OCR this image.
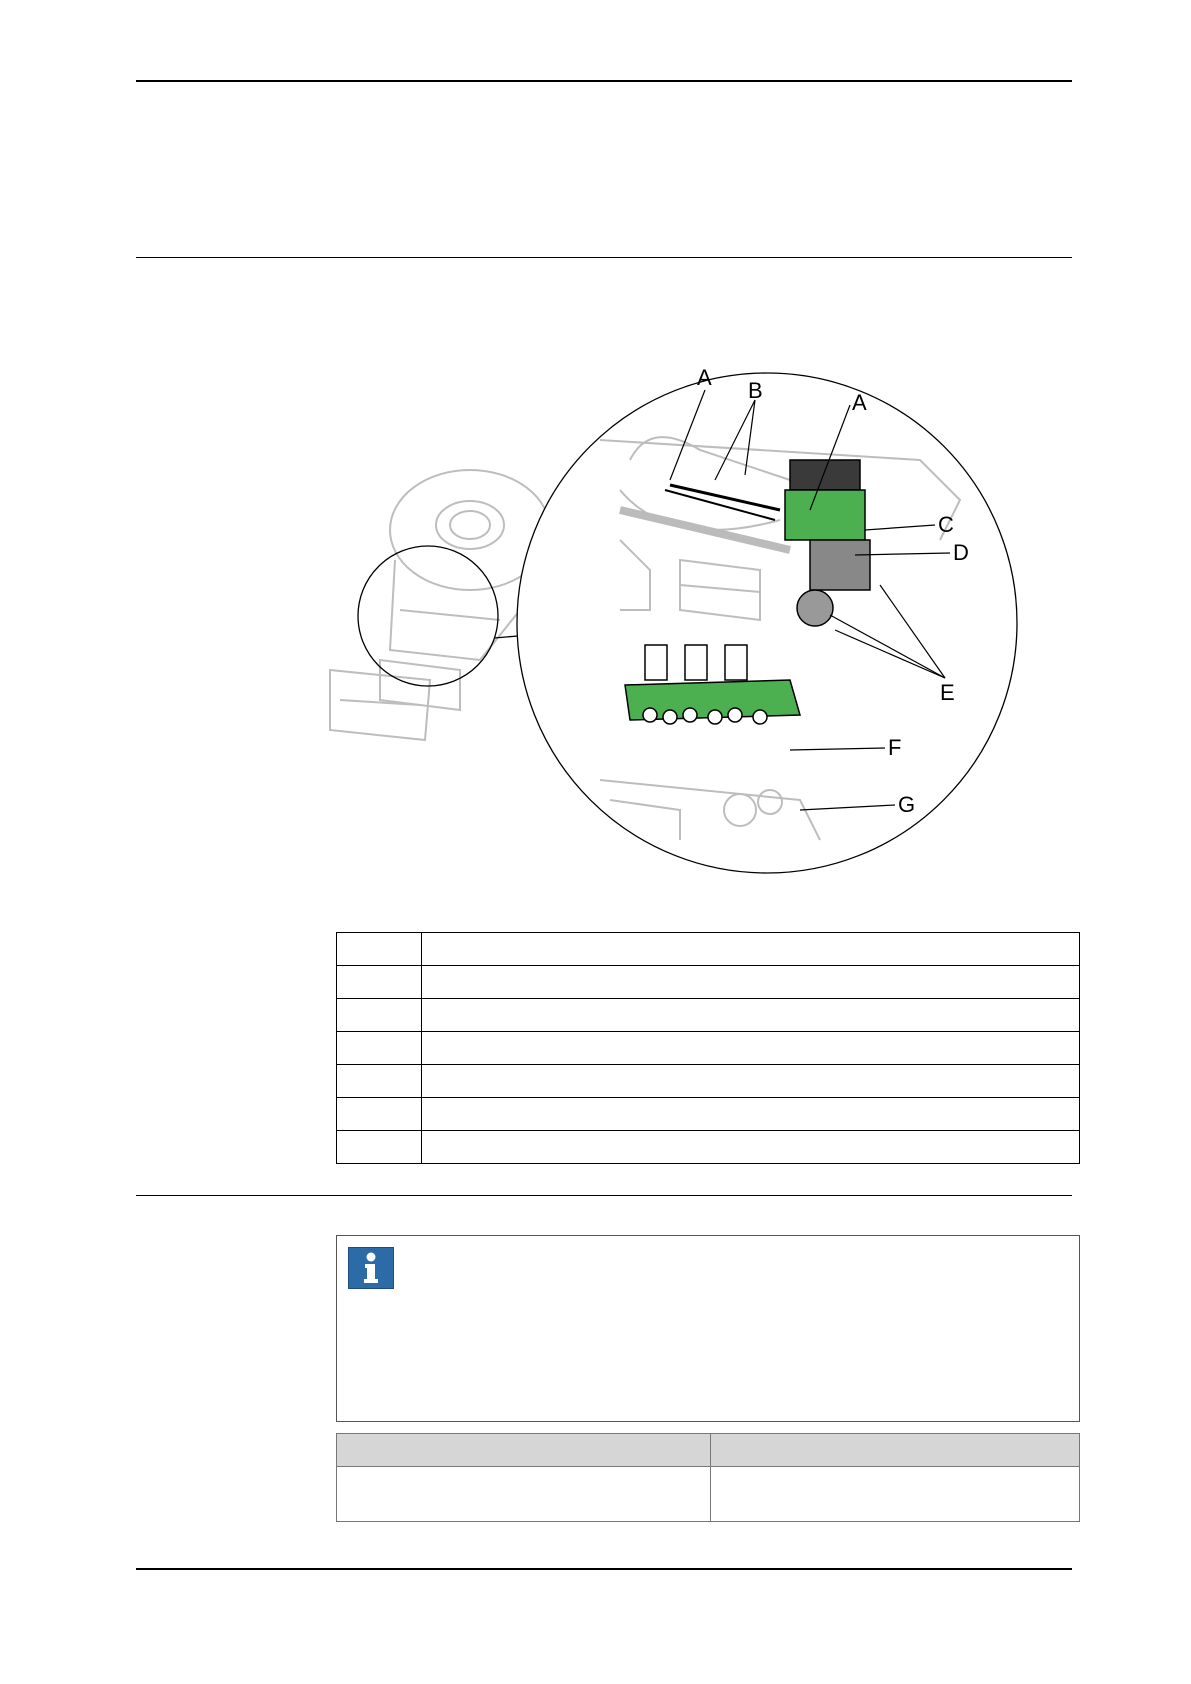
A
B	A
C
D
E
F
G
